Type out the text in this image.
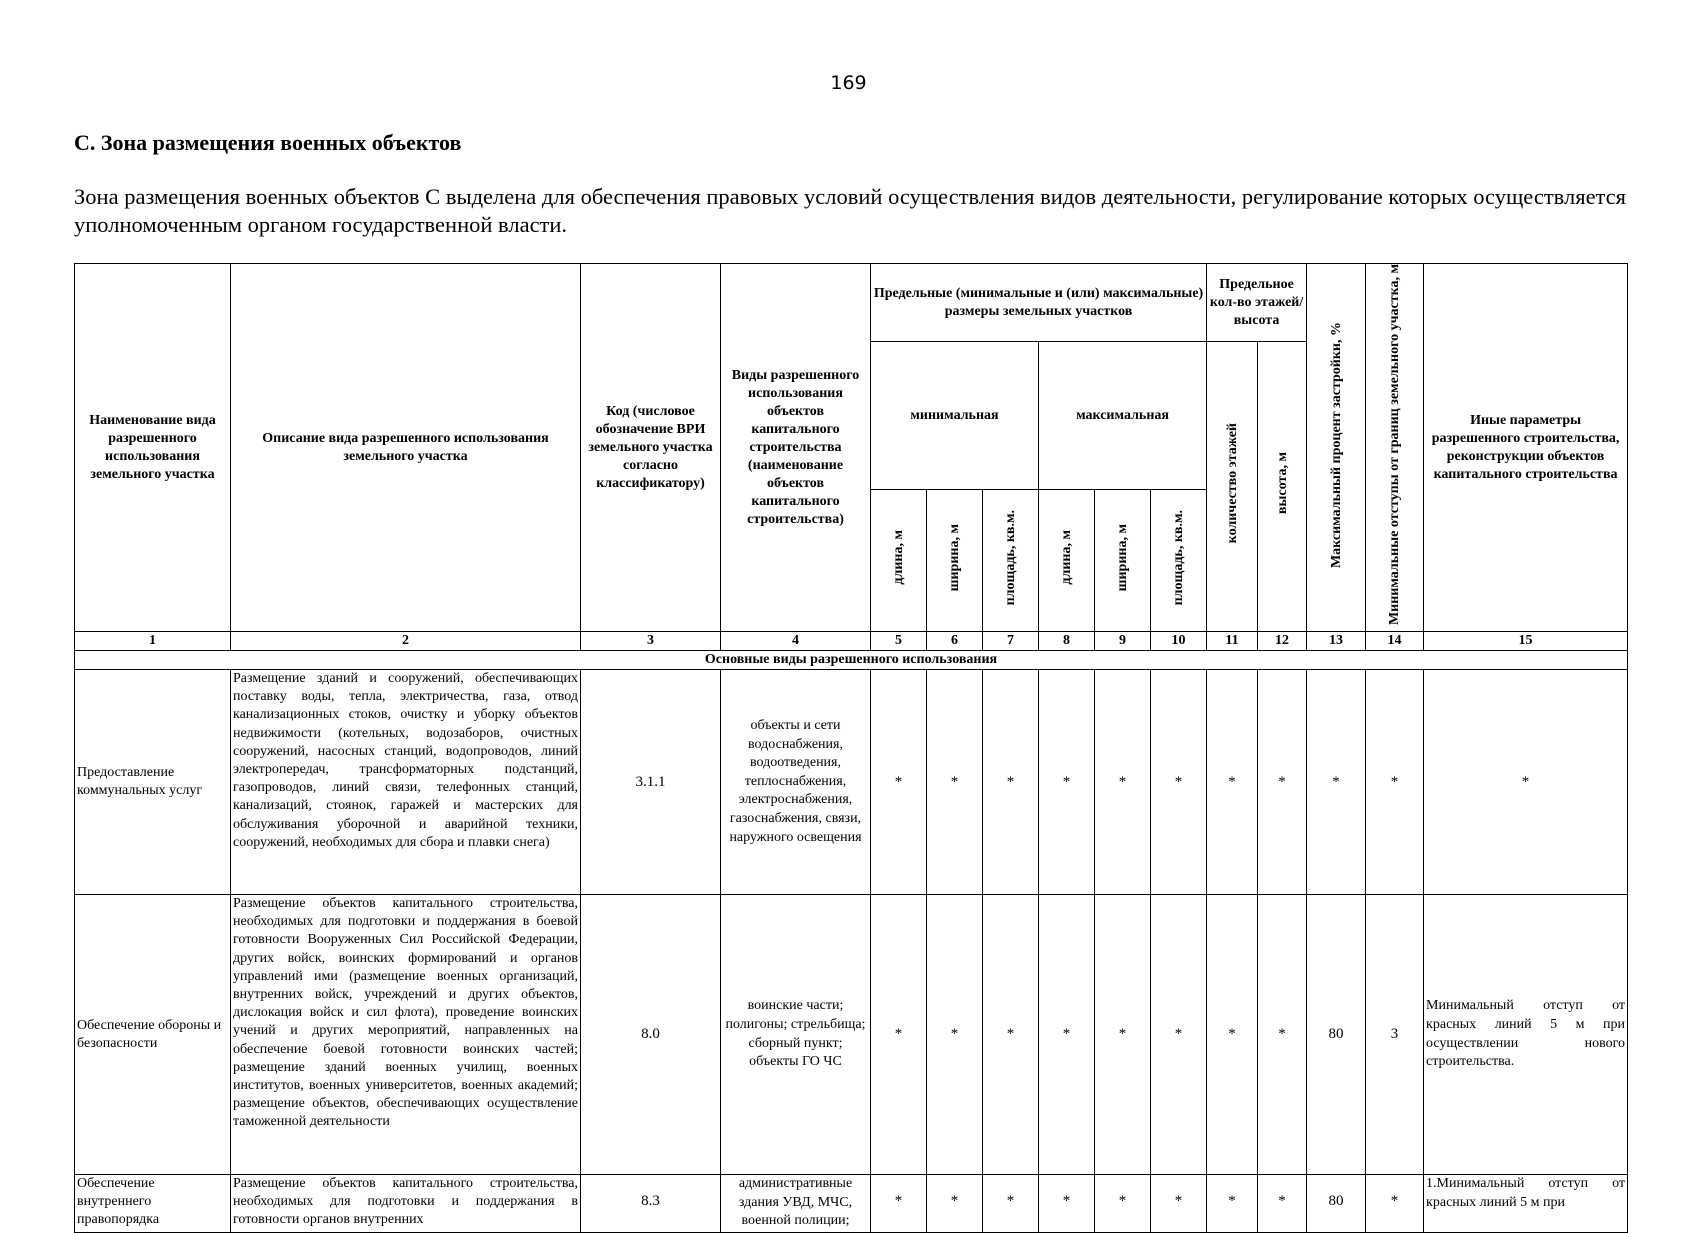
169
С. Зона размещения военных объектов
Зона размещения военных объектов С выделена для обеспечения правовых условий осуществления видов деятельности, регулирование которых осуществляется уполномоченным органом государственной власти.
Наименование вида разрешенного использования земельного участка	Описание вида разрешенного использования земельного участка	Код (числовое обозначение ВРИ земельного участка согласно классификатору)	Виды разрешенного использования объектов капитального строительства (наименование объектов капитального строительства)	Предельные (минимальные и (или) максимальные) размеры земельных участков						Предельное кол-во этажей/ высота		Максимальный процент застройки, %	Минимальные отступы от границ земельного участка, м	Иные параметры разрешенного строительства, реконструкции объектов капитального строительства
				минимальная			максимальная			количество этажей	высота, м			
				длина, м	ширина, м	площадь, кв.м.	длина, м	ширина, м	площадь, кв.м.					
1	2	3	4	5	6	7	8	9	10	11	12	13	14	15
Основные виды разрешенного использования														
Предоставление коммунальных услуг	Размещение зданий и сооружений, обеспечивающих поставку воды, тепла, электричества, газа, отвод канализационных стоков, очистку и уборку объектов недвижимости (котельных, водозаборов, очистных сооружений, насосных станций, водопроводов, линий электропередач, трансформаторных подстанций, газопроводов, линий связи, телефонных станций, канализаций, стоянок, гаражей и мастерских для обслуживания уборочной и аварийной техники, сооружений, необходимых для сбора и плавки снега)	3.1.1	объекты и сети водоснабжения, водоотведения, теплоснабжения, электроснабжения, газоснабжения, связи, наружного освещения	*	*	*	*	*	*	*	*	*	*	*
Обеспечение обороны и безопасности	Размещение объектов капитального строительства, необходимых для подготовки и поддержания в боевой готовности Вооруженных Сил Российской Федерации, других войск, воинских формирований и органов управлений ими (размещение военных организаций, внутренних войск, учреждений и других объектов, дислокация войск и сил флота), проведение воинских учений и других мероприятий, направленных на обеспечение боевой готовности воинских частей; размещение зданий военных училищ, военных институтов, военных университетов, военных академий; размещение объектов, обеспечивающих осуществление таможенной деятельности	8.0	воинские части; полигоны; стрельбища; сборный пункт; объекты ГО ЧС	*	*	*	*	*	*	*	*	80	3	Минимальный отступ от красных линий 5 м при осуществлении нового строительства.
Обеспечение внутреннего правопорядка	Размещение объектов капитального строительства, необходимых для подготовки и поддержания в готовности органов внутренних	8.3	административные здания УВД, МЧС, военной полиции;	*	*	*	*	*	*	*	*	80	*	1.Минимальный отступ от красных линий 5 м при
